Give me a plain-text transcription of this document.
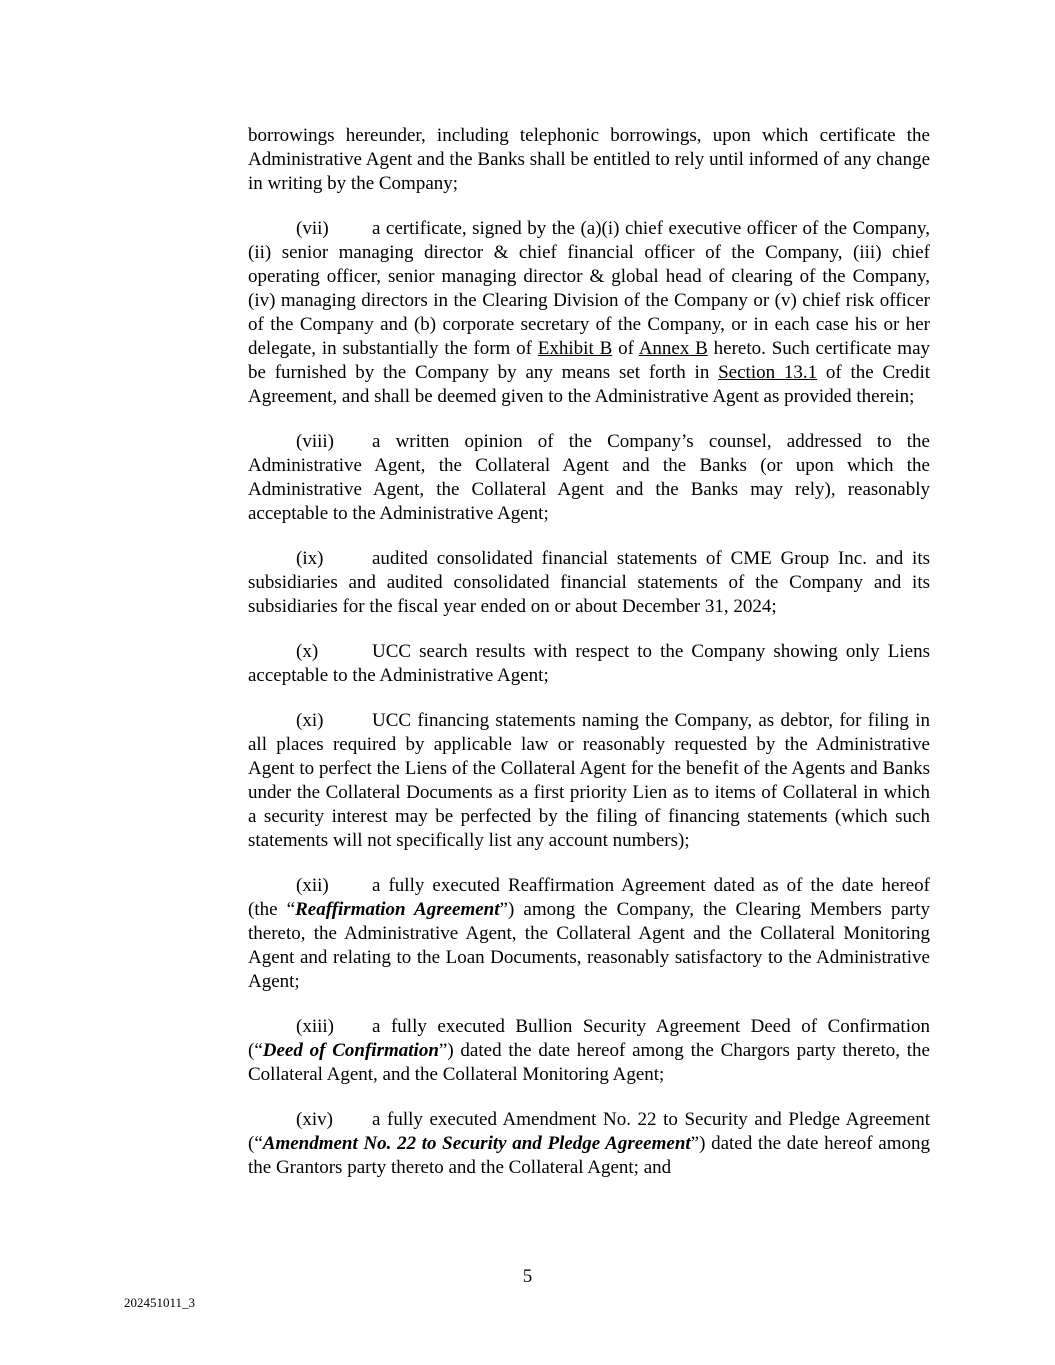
borrowings hereunder, including telephonic borrowings, upon which certificate the Administrative Agent and the Banks shall be entitled to rely until informed of any change in writing by the Company;

(vii) a certificate, signed by the (a)(i) chief executive officer of the Company, (ii) senior managing director & chief financial officer of the Company, (iii) chief operating officer, senior managing director & global head of clearing of the Company, (iv) managing directors in the Clearing Division of the Company or (v) chief risk officer of the Company and (b) corporate secretary of the Company, or in each case his or her delegate, in substantially the form of Exhibit B of Annex B hereto. Such certificate may be furnished by the Company by any means set forth in Section 13.1 of the Credit Agreement, and shall be deemed given to the Administrative Agent as provided therein;

(viii) a written opinion of the Company’s counsel, addressed to the Administrative Agent, the Collateral Agent and the Banks (or upon which the Administrative Agent, the Collateral Agent and the Banks may rely), reasonably acceptable to the Administrative Agent;

(ix)	audited consolidated financial statements of CME Group Inc. and its subsidiaries and audited consolidated financial statements of the Company and its subsidiaries for the fiscal year ended on or about December 31, 2024;

(x)	UCC search results with respect to the Company showing only Liens acceptable to the Administrative Agent;

(xi)	UCC financing statements naming the Company, as debtor, for filing in all places required by applicable law or reasonably requested by the Administrative Agent to perfect the Liens of the Collateral Agent for the benefit of the Agents and Banks under the Collateral Documents as a first priority Lien as to items of Collateral in which a security interest may be perfected by the filing of financing statements (which such statements will not specifically list any account numbers);

(xii) a fully executed Reaffirmation Agreement dated as of the date hereof (the “Reaffirmation Agreement”) among the Company, the Clearing Members party thereto, the Administrative Agent, the Collateral Agent and the Collateral Monitoring Agent and relating to the Loan Documents, reasonably satisfactory to the Administrative Agent;

(xiii) a fully executed Bullion Security Agreement Deed of Confirmation (“Deed of Confirmation”) dated the date hereof among the Chargors party thereto, the Collateral Agent, and the Collateral Monitoring Agent;

(xiv) a fully executed Amendment No. 22 to Security and Pledge Agreement (“Amendment No. 22 to Security and Pledge Agreement”) dated the date hereof among the Grantors party thereto and the Collateral Agent; and

5
202451011_3
